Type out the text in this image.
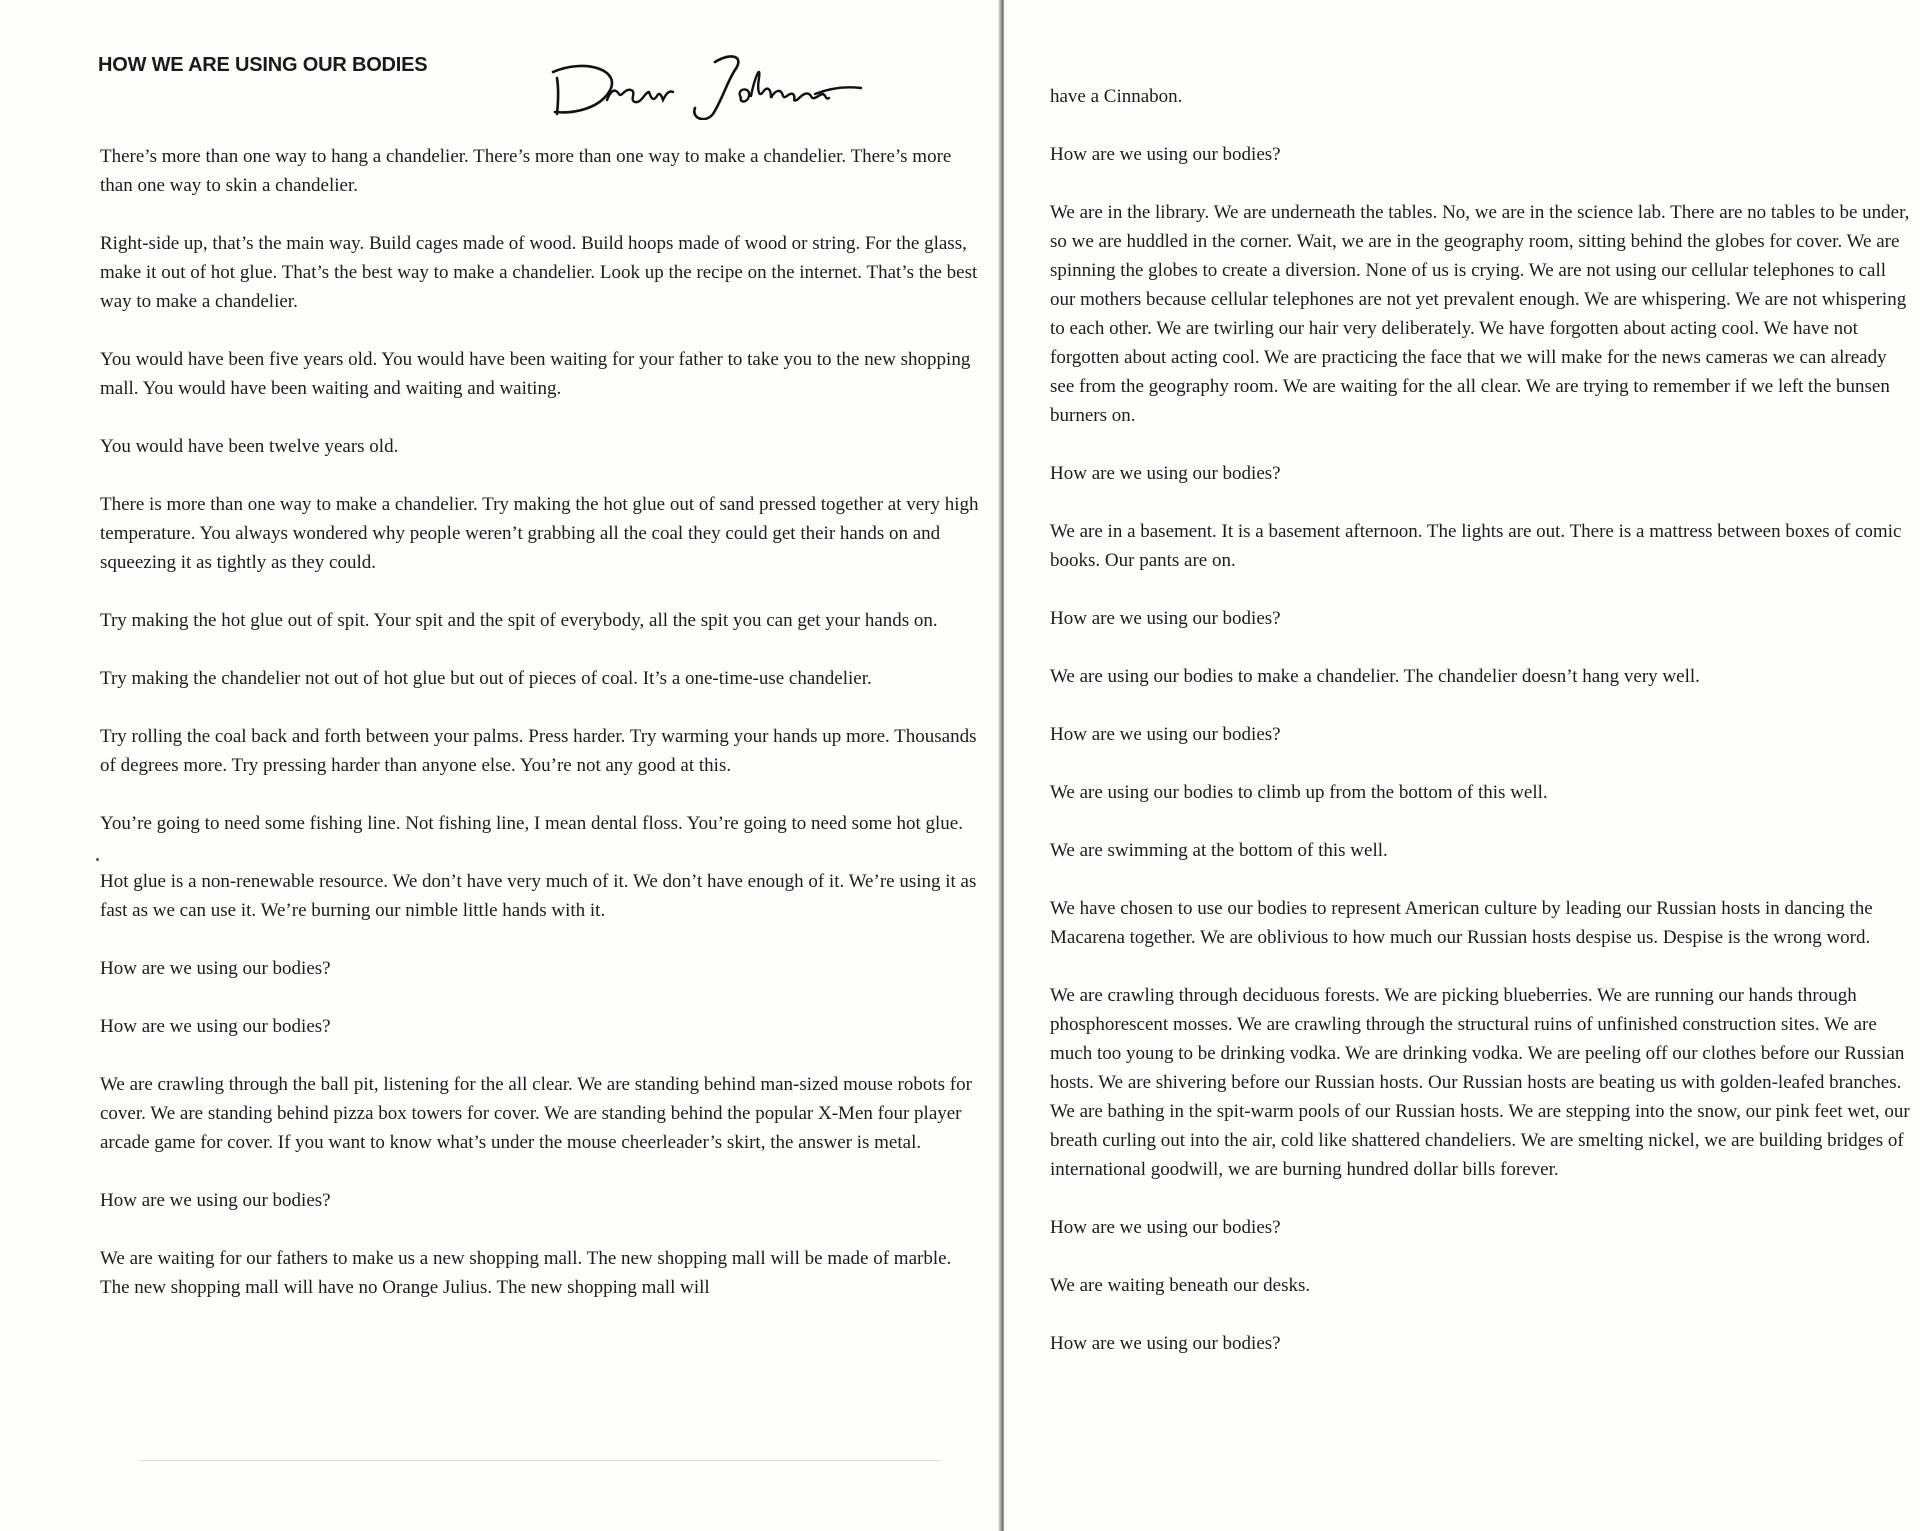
HOW WE ARE USING OUR BODIES

There’s more than one way to hang a chandelier. There’s more than one way to make a chandelier. There’s more than one way to skin a chandelier.

Right-side up, that’s the main way. Build cages made of wood. Build hoops made of wood or string. For the glass, make it out of hot glue. That’s the best way to make a chandelier. Look up the recipe on the internet. That’s the best way to make a chandelier.

You would have been five years old. You would have been waiting for your father to take you to the new shopping mall. You would have been waiting and waiting and waiting.

You would have been twelve years old.

There is more than one way to make a chandelier. Try making the hot glue out of sand pressed together at very high temperature. You always wondered why people weren’t grabbing all the coal they could get their hands on and squeezing it as tightly as they could.

Try making the hot glue out of spit. Your spit and the spit of everybody, all the spit you can get your hands on.

Try making the chandelier not out of hot glue but out of pieces of coal. It’s a one-time-use chandelier.

Try rolling the coal back and forth between your palms. Press harder. Try warming your hands up more. Thousands of degrees more. Try pressing harder than anyone else. You’re not any good at this.

You’re going to need some fishing line. Not fishing line, I mean dental floss. You’re going to need some hot glue.

Hot glue is a non-renewable resource. We don’t have very much of it. We don’t have enough of it. We’re using it as fast as we can use it. We’re burning our nimble little hands with it.

How are we using our bodies?

How are we using our bodies?

We are crawling through the ball pit, listening for the all clear. We are standing behind man-sized mouse robots for cover. We are standing behind pizza box towers for cover. We are standing behind the popular X-Men four player arcade game for cover. If you want to know what’s under the mouse cheerleader’s skirt, the answer is metal.

How are we using our bodies?

We are waiting for our fathers to make us a new shopping mall. The new shopping mall will be made of marble. The new shopping mall will have no Orange Julius. The new shopping mall will

have a Cinnabon.

How are we using our bodies?

We are in the library. We are underneath the tables. No, we are in the science lab. There are no tables to be under, so we are huddled in the corner. Wait, we are in the geography room, sitting behind the globes for cover. We are spinning the globes to create a diversion. None of us is crying. We are not using our cellular telephones to call our mothers because cellular telephones are not yet prevalent enough. We are whispering. We are not whispering to each other. We are twirling our hair very deliberately. We have forgotten about acting cool. We have not forgotten about acting cool. We are practicing the face that we will make for the news cameras we can already see from the geography room. We are waiting for the all clear. We are trying to remember if we left the bunsen burners on.

How are we using our bodies?

We are in a basement. It is a basement afternoon. The lights are out. There is a mattress between boxes of comic books. Our pants are on.

How are we using our bodies?

We are using our bodies to make a chandelier. The chandelier doesn’t hang very well.

How are we using our bodies?

We are using our bodies to climb up from the bottom of this well.

We are swimming at the bottom of this well.

We have chosen to use our bodies to represent American culture by leading our Russian hosts in dancing the Macarena together. We are oblivious to how much our Russian hosts despise us. Despise is the wrong word.

We are crawling through deciduous forests. We are picking blueberries. We are running our hands through phosphorescent mosses. We are crawling through the structural ruins of unfinished construction sites. We are much too young to be drinking vodka. We are drinking vodka. We are peeling off our clothes before our Russian hosts. We are shivering before our Russian hosts. Our Russian hosts are beating us with golden-leafed branches. We are bathing in the spit-warm pools of our Russian hosts. We are stepping into the snow, our pink feet wet, our breath curling out into the air, cold like shattered chandeliers. We are smelting nickel, we are building bridges of international goodwill, we are burning hundred dollar bills forever.

How are we using our bodies?

We are waiting beneath our desks.

How are we using our bodies?
